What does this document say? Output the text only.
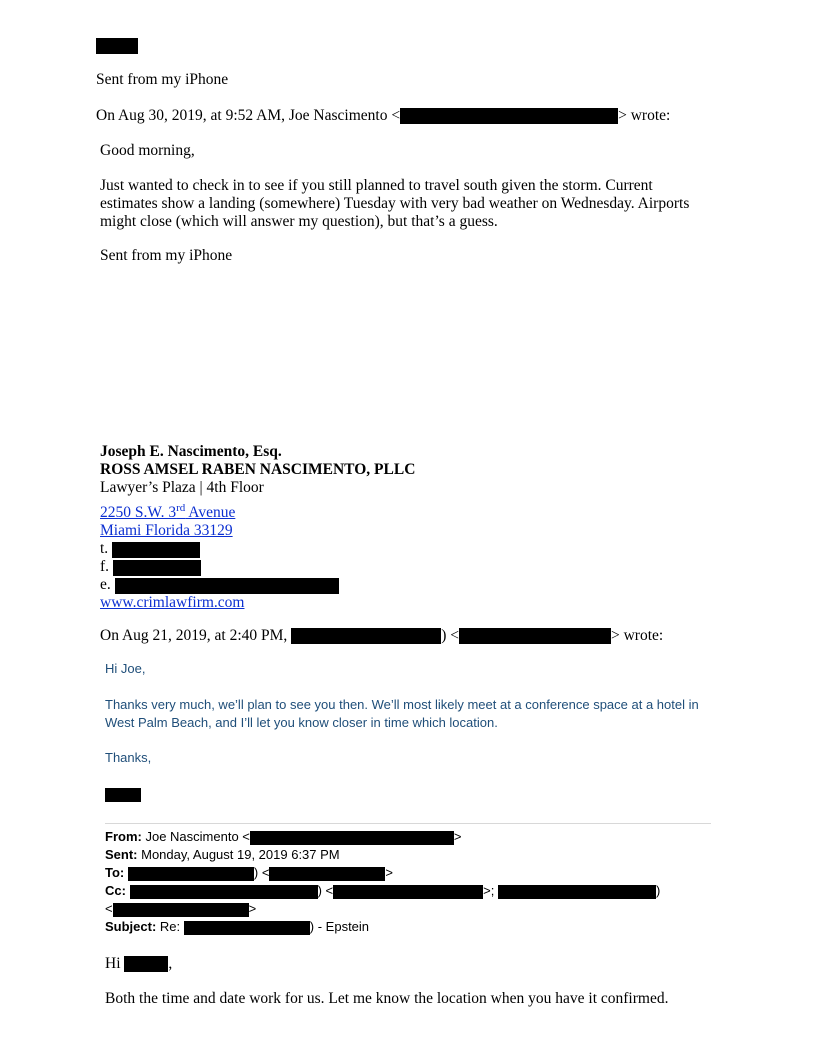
Sent from my iPhone
On Aug 30, 2019, at 9:52 AM, Joe Nascimento <	> wrote:
Good morning,
Just wanted to check in to see if you still planned to travel south given the storm. Current estimates show a landing (somewhere) Tuesday with very bad weather on Wednesday. Airports might close (which will answer my question), but that’s a guess.
Sent from my iPhone
Joseph E. Nascimento, Esq.
ROSS AMSEL RABEN NASCIMENTO, PLLC
Lawyer’s Plaza | 4th Floor
2250 S.W. 3rd Avenue
Miami Florida 33129
t.
f.
e.
www.crimlawfirm.com
On Aug 21, 2019, at 2:40 PM,	) <	> wrote:
Hi Joe,
Thanks very much, we’ll plan to see you then. We’ll most likely meet at a conference space at a hotel in West Palm Beach, and I’ll let you know closer in time which location.
Thanks,
From: Joe Nascimento <	>
Sent: Monday, August 19, 2019 6:37 PM
To:	) <	>
Cc:	) <	>;	)
<	>
Subject: Re:	) - Epstein
Hi	,
Both the time and date work for us. Let me know the location when you have it confirmed.
